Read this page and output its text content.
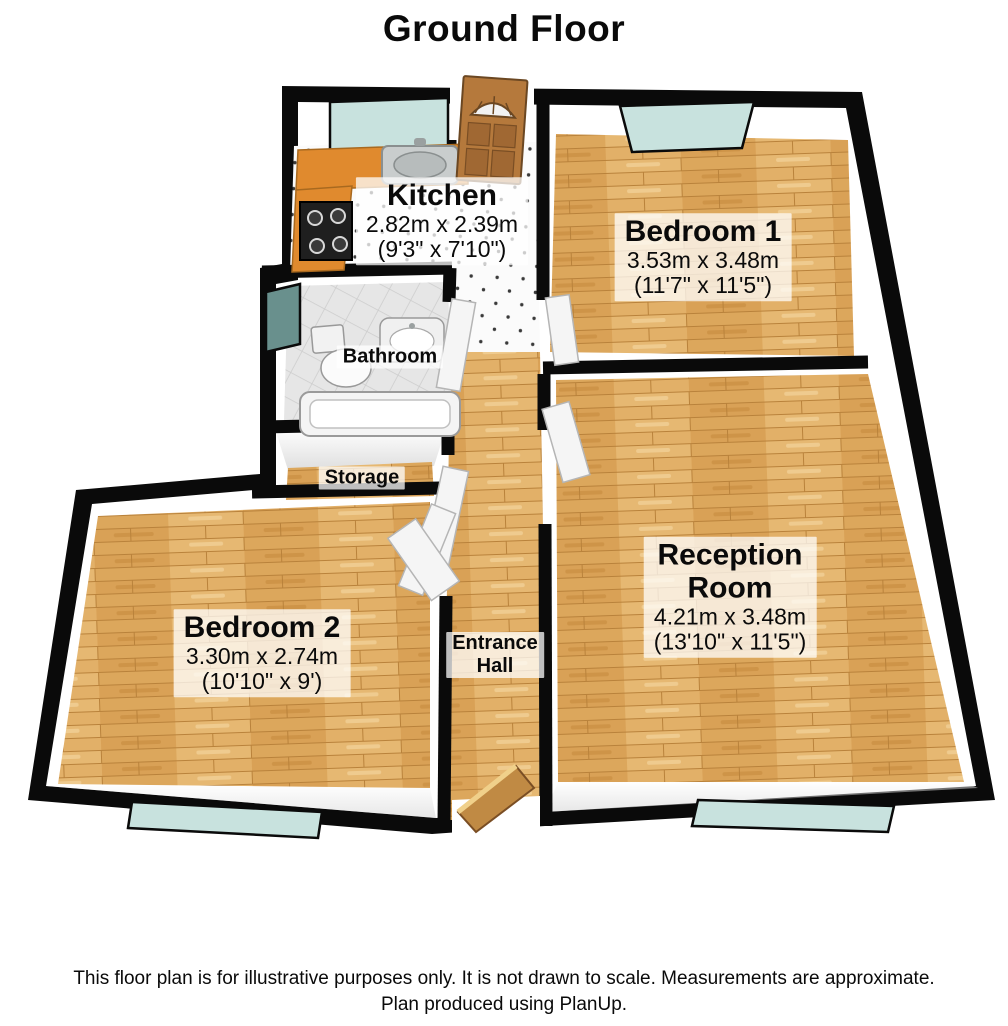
Ground Floor
Kitchen
2.82m x 2.39m
(9'3" x 7'10")
Bedroom 1
3.53m x 3.48m
(11'7" x 11'5")
Bathroom
Storage
Bedroom 2
3.30m x 2.74m
(10'10" x 9')
Reception
Room
4.21m x 3.48m
(13'10" x 11'5")
Entrance
Hall
This floor plan is for illustrative purposes only. It is not drawn to scale. Measurements are approximate.
Plan produced using PlanUp.
